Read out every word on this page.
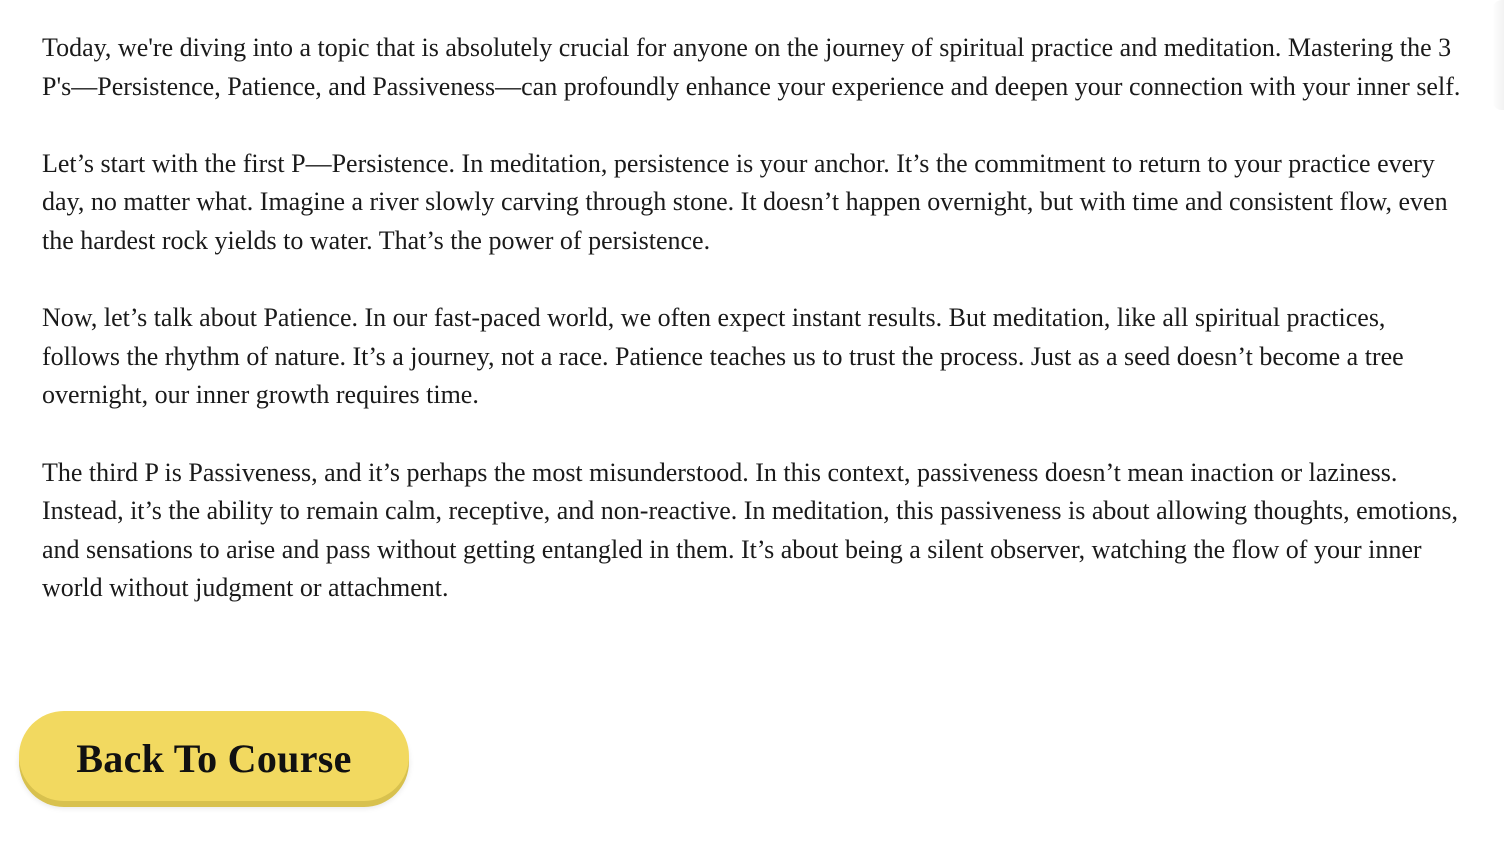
Today, we're diving into a topic that is absolutely crucial for anyone on the journey of spiritual practice and meditation. Mastering the 3 P's—Persistence, Patience, and Passiveness—can profoundly enhance your experience and deepen your connection with your inner self.

Let’s start with the first P—Persistence. In meditation, persistence is your anchor. It’s the commitment to return to your practice every day, no matter what. Imagine a river slowly carving through stone. It doesn’t happen overnight, but with time and consistent flow, even the hardest rock yields to water. That’s the power of persistence.

Now, let’s talk about Patience. In our fast-paced world, we often expect instant results. But meditation, like all spiritual practices, follows the rhythm of nature. It’s a journey, not a race. Patience teaches us to trust the process. Just as a seed doesn’t become a tree overnight, our inner growth requires time.

The third P is Passiveness, and it’s perhaps the most misunderstood. In this context, passiveness doesn’t mean inaction or laziness. Instead, it’s the ability to remain calm, receptive, and non-reactive. In meditation, this passiveness is about allowing thoughts, emotions, and sensations to arise and pass without getting entangled in them. It’s about being a silent observer, watching the flow of your inner world without judgment or attachment.

Back To Course
